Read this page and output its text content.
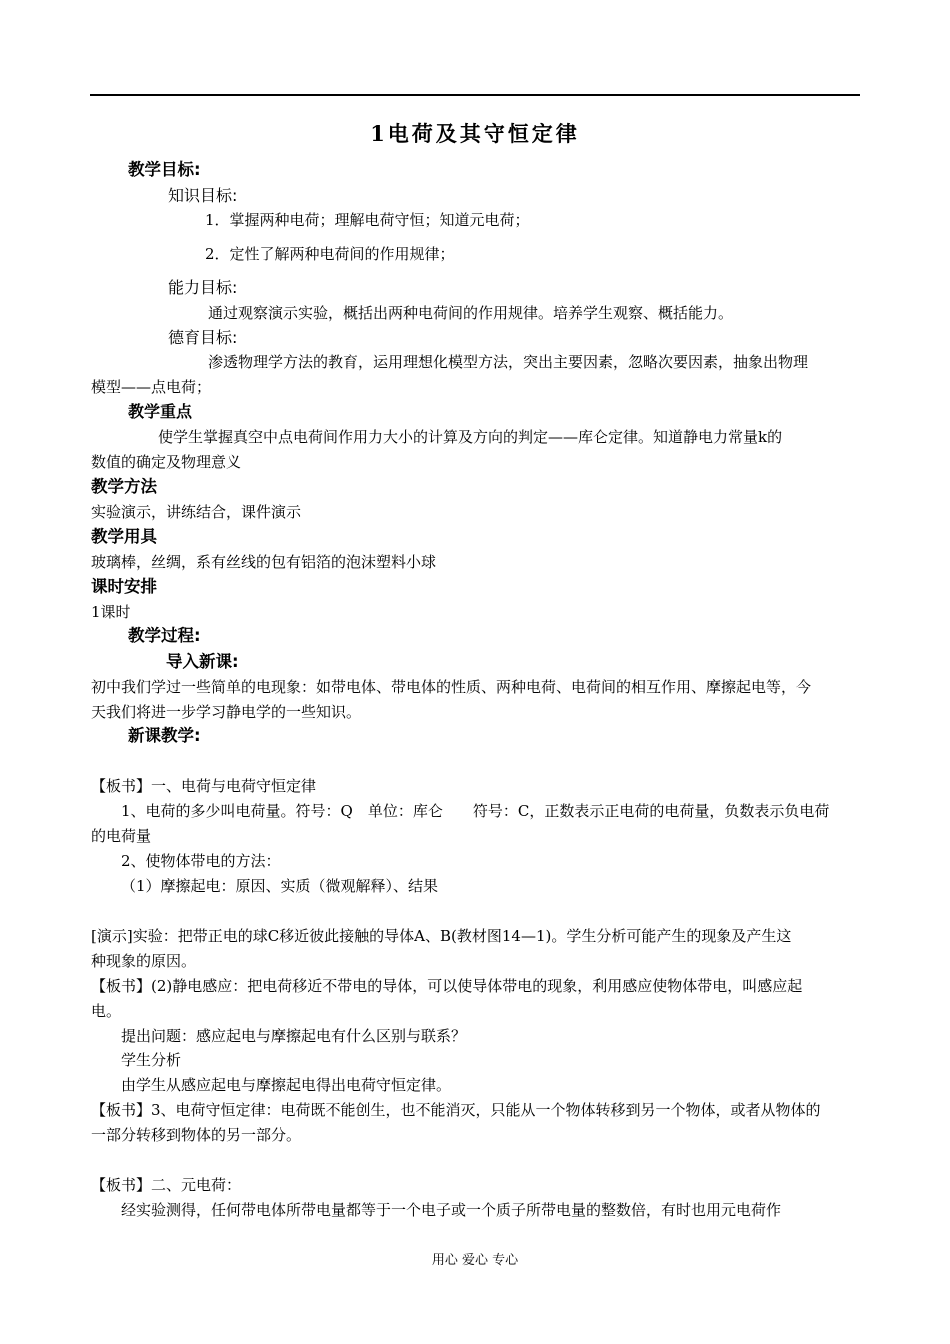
1电荷及其守恒定律
教学目标:
知识目标:
1．掌握两种电荷；理解电荷守恒；知道元电荷；
2．定性了解两种电荷间的作用规律；
能力目标:
通过观察演示实验，概括出两种电荷间的作用规律。培养学生观察、概括能力。
德育目标:
渗透物理学方法的教育，运用理想化模型方法，突出主要因素，忽略次要因素，抽象出物理
模型——点电荷；
教学重点
使学生掌握真空中点电荷间作用力大小的计算及方向的判定——库仑定律。知道静电力常量k的
数值的确定及物理意义
教学方法
实验演示，讲练结合，课件演示
教学用具
玻璃棒，丝绸，系有丝线的包有铝箔的泡沫塑料小球
课时安排
1课时
教学过程:
导入新课:
初中我们学过一些简单的电现象：如带电体、带电体的性质、两种电荷、电荷间的相互作用、摩擦起电等，今
天我们将进一步学习静电学的一些知识。
新课教学:
【板书】一、电荷与电荷守恒定律
1、电荷的多少叫电荷量。符号：Q　单位：库仑　　符号：C，正数表示正电荷的电荷量，负数表示负电荷
的电荷量
2、使物体带电的方法：
（1）摩擦起电：原因、实质（微观解释）、结果
[演示]实验：把带正电的球C移近彼此接触的导体A、B(教材图14—1)。学生分析可能产生的现象及产生这
种现象的原因。
【板书】(2)静电感应：把电荷移近不带电的导体，可以使导体带电的现象，利用感应使物体带电，叫感应起
电。
提出问题：感应起电与摩擦起电有什么区别与联系？
学生分析
由学生从感应起电与摩擦起电得出电荷守恒定律。
【板书】3、电荷守恒定律：电荷既不能创生，也不能消灭，只能从一个物体转移到另一个物体，或者从物体的
一部分转移到物体的另一部分。
【板书】二、元电荷：
经实验测得，任何带电体所带电量都等于一个电子或一个质子所带电量的整数倍，有时也用元电荷作
用心 爱心 专心
